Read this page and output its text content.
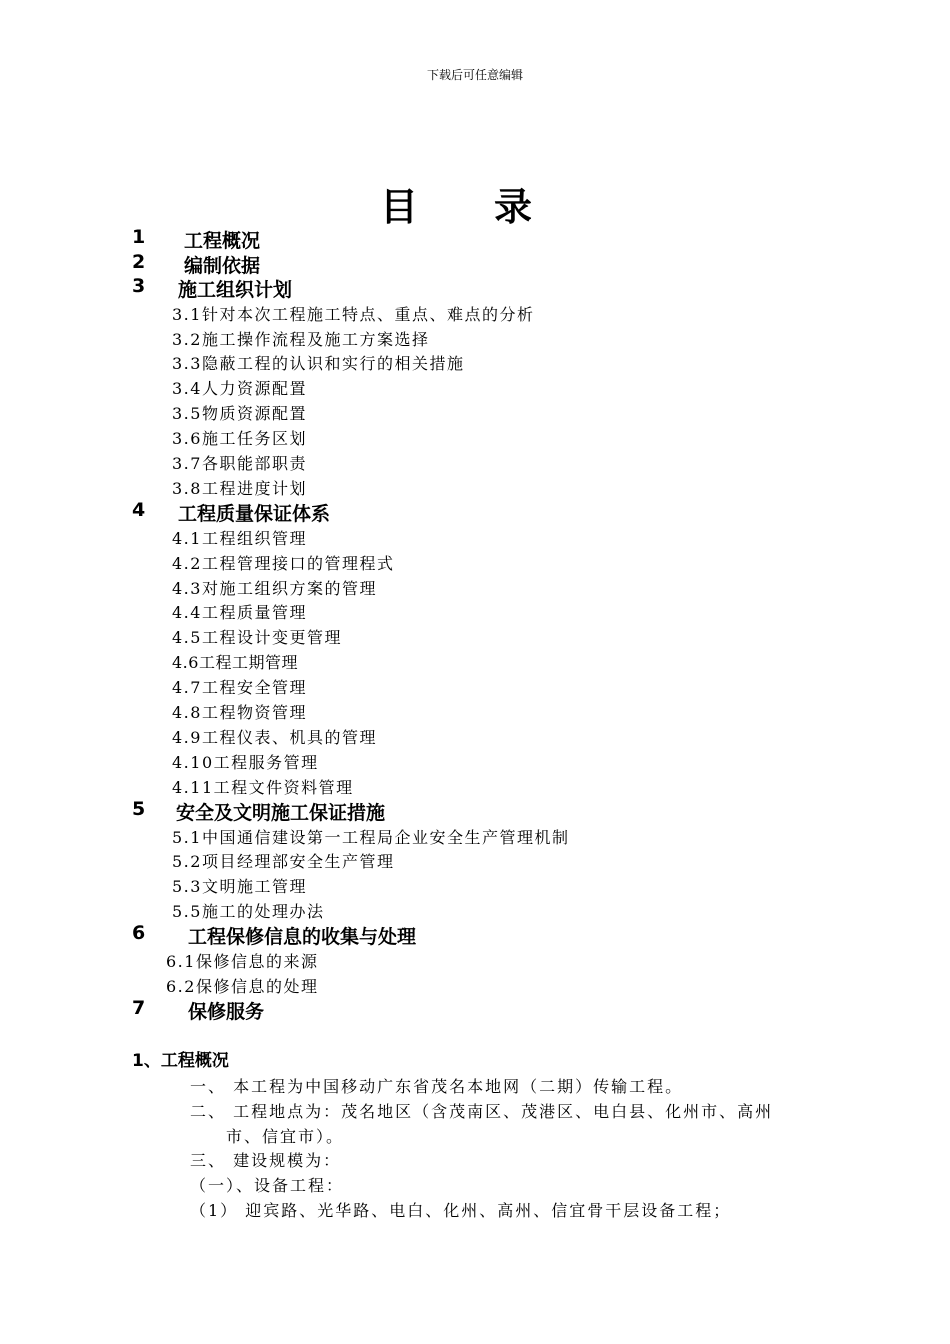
下载后可任意编辑
目 录
1 工程概况
2 编制依据
3 施工组织计划
3.1针对本次工程施工特点、重点、难点的分析
3.2施工操作流程及施工方案选择
3.3隐蔽工程的认识和实行的相关措施
3.4人力资源配置
3.5物质资源配置
3.6施工任务区划
3.7各职能部职责
3.8工程进度计划
4 工程质量保证体系
4.1工程组织管理
4.2工程管理接口的管理程式
4.3对施工组织方案的管理
4.4工程质量管理
4.5工程设计变更管理
4.6工程工期管理
4.7工程安全管理
4.8工程物资管理
4.9工程仪表、机具的管理
4.10工程服务管理
4.11工程文件资料管理
5 安全及文明施工保证措施
5.1中国通信建设第一工程局企业安全生产管理机制
5.2项目经理部安全生产管理
5.3文明施工管理
5.5施工的处理办法
6 工程保修信息的收集与处理
6.1保修信息的来源
6.2保修信息的处理
7 保修服务
1、工程概况
一、 本工程为中国移动广东省茂名本地网（二期）传输工程。
二、 工程地点为：茂名地区（含茂南区、茂港区、电白县、化州市、高州
市、信宜市）。
三、 建设规模为：
（一）、设备工程：
（1） 迎宾路、光华路、电白、化州、高州、信宜骨干层设备工程；
